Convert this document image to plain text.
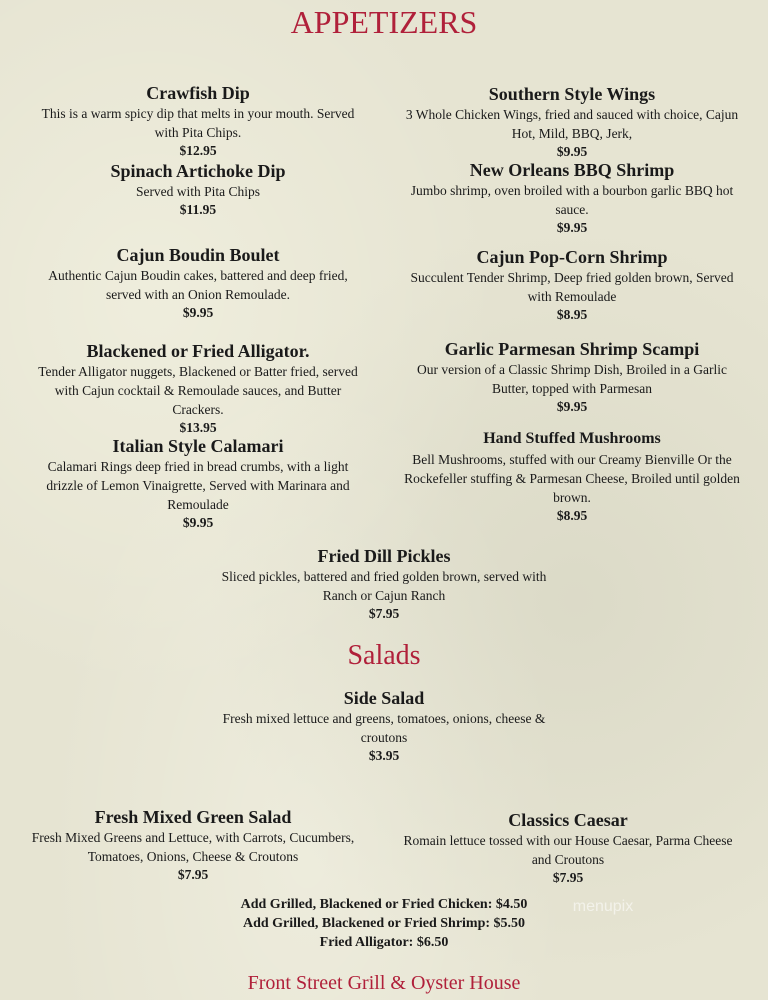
APPETIZERS
Crawfish Dip
This is a warm spicy dip that melts in your mouth. Served with Pita Chips.
$12.95
Spinach Artichoke Dip
Served with Pita Chips
$11.95
Cajun Boudin Boulet
Authentic Cajun Boudin cakes, battered and deep fried, served with an Onion Remoulade.
$9.95
Blackened or Fried Alligator.
Tender Alligator nuggets, Blackened or Batter fried, served with Cajun cocktail & Remoulade sauces, and Butter Crackers.
$13.95
Italian Style Calamari
Calamari Rings deep fried in bread crumbs, with a light drizzle of Lemon Vinaigrette, Served with Marinara and Remoulade
$9.95
Southern Style Wings
3 Whole Chicken Wings, fried and sauced with choice, Cajun Hot, Mild, BBQ, Jerk,
$9.95
New Orleans BBQ Shrimp
Jumbo shrimp, oven broiled with a bourbon garlic BBQ hot sauce.
$9.95
Cajun Pop-Corn Shrimp
Succulent Tender Shrimp, Deep fried golden brown, Served with Remoulade
$8.95
Garlic Parmesan Shrimp Scampi
Our version of a Classic Shrimp Dish, Broiled in a Garlic Butter, topped with Parmesan
$9.95
Hand Stuffed Mushrooms
Bell Mushrooms, stuffed with our Creamy Bienville Or the Rockefeller stuffing & Parmesan Cheese, Broiled until golden brown.
$8.95
Fried Dill Pickles
Sliced pickles, battered and fried golden brown, served with Ranch or Cajun Ranch
$7.95
Salads
Side Salad
Fresh mixed lettuce and greens, tomatoes, onions, cheese & croutons
$3.95
Fresh Mixed Green Salad
Fresh Mixed Greens and Lettuce, with Carrots, Cucumbers, Tomatoes, Onions, Cheese & Croutons
$7.95
Classics Caesar
Romain lettuce tossed with our House Caesar, Parma Cheese and Croutons
$7.95
Add Grilled, Blackened or Fried Chicken: $4.50
Add Grilled, Blackened or Fried Shrimp: $5.50
Fried Alligator: $6.50
menupix
Front Street Grill & Oyster House
